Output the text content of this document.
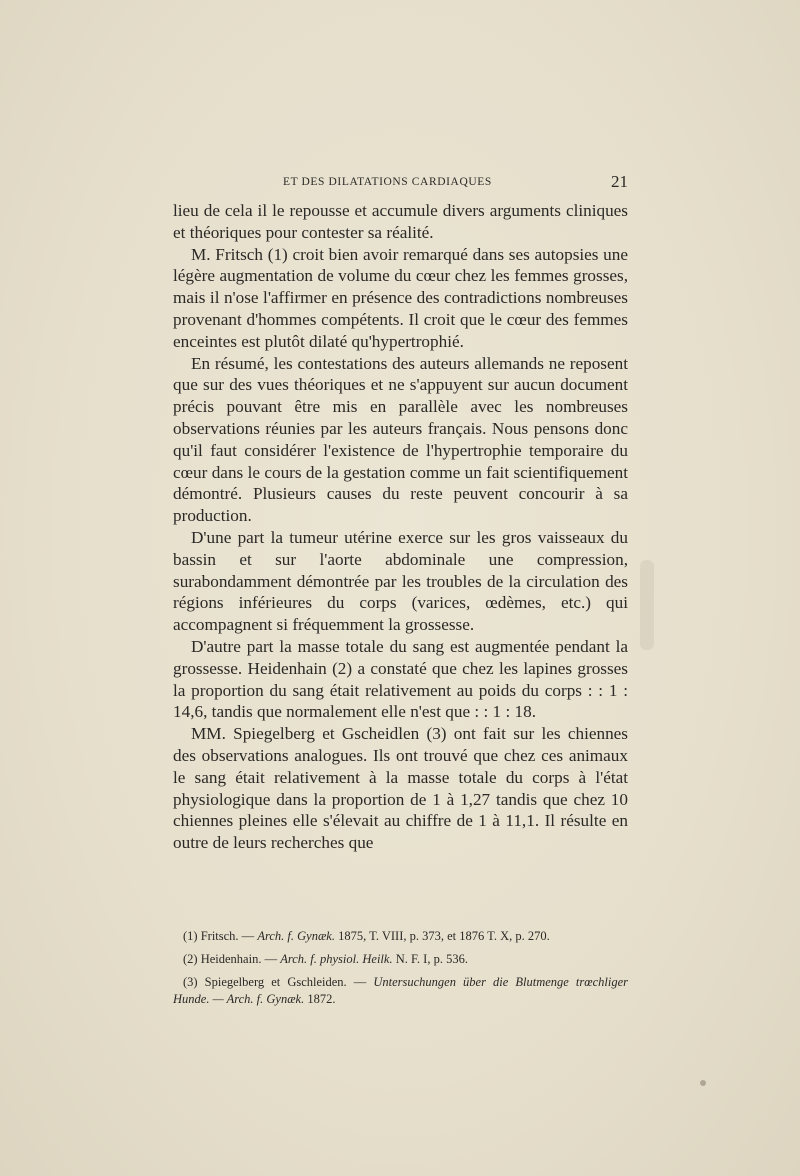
ET DES DILATATIONS CARDIAQUES	21

lieu de cela il le repousse et accumule divers arguments cliniques et théoriques pour contester sa réalité.

M. Fritsch (1) croit bien avoir remarqué dans ses autopsies une légère augmentation de volume du cœur chez les femmes grosses, mais il n'ose l'affirmer en présence des contradictions nombreuses provenant d'hommes compétents. Il croit que le cœur des femmes enceintes est plutôt dilaté qu'hypertrophié.

En résumé, les contestations des auteurs allemands ne reposent que sur des vues théoriques et ne s'appuyent sur aucun document précis pouvant être mis en parallèle avec les nombreuses observations réunies par les auteurs français. Nous pensons donc qu'il faut considérer l'existence de l'hypertrophie temporaire du cœur dans le cours de la gestation comme un fait scientifiquement démontré. Plusieurs causes du reste peuvent concourir à sa production.

D'une part la tumeur utérine exerce sur les gros vaisseaux du bassin et sur l'aorte abdominale une compression, surabondamment démontrée par les troubles de la circulation des régions inférieures du corps (varices, œdèmes, etc.) qui accompagnent si fréquemment la grossesse.

D'autre part la masse totale du sang est augmentée pendant la grossesse. Heidenhain (2) a constaté que chez les lapines grosses la proportion du sang était relativement au poids du corps : : 1 : 14,6, tandis que normalement elle n'est que : : 1 : 18.

MM. Spiegelberg et Gscheidlen (3) ont fait sur les chiennes des observations analogues. Ils ont trouvé que chez ces animaux le sang était relativement à la masse totale du corps à l'état physiologique dans la proportion de 1 à 1,27 tandis que chez 10 chiennes pleines elle s'élevait au chiffre de 1 à 11,1. Il résulte en outre de leurs recherches que

(1) Fritsch. — Arch. f. Gynæk. 1875, T. VIII, p. 373, et 1876 T. X, p. 270.

(2) Heidenhain. — Arch. f. physiol. Heilk. N. F. I, p. 536.

(3) Spiegelberg et Gschleiden. — Untersuchungen über die Blutmenge trœchliger Hunde. — Arch. f. Gynæk. 1872.
